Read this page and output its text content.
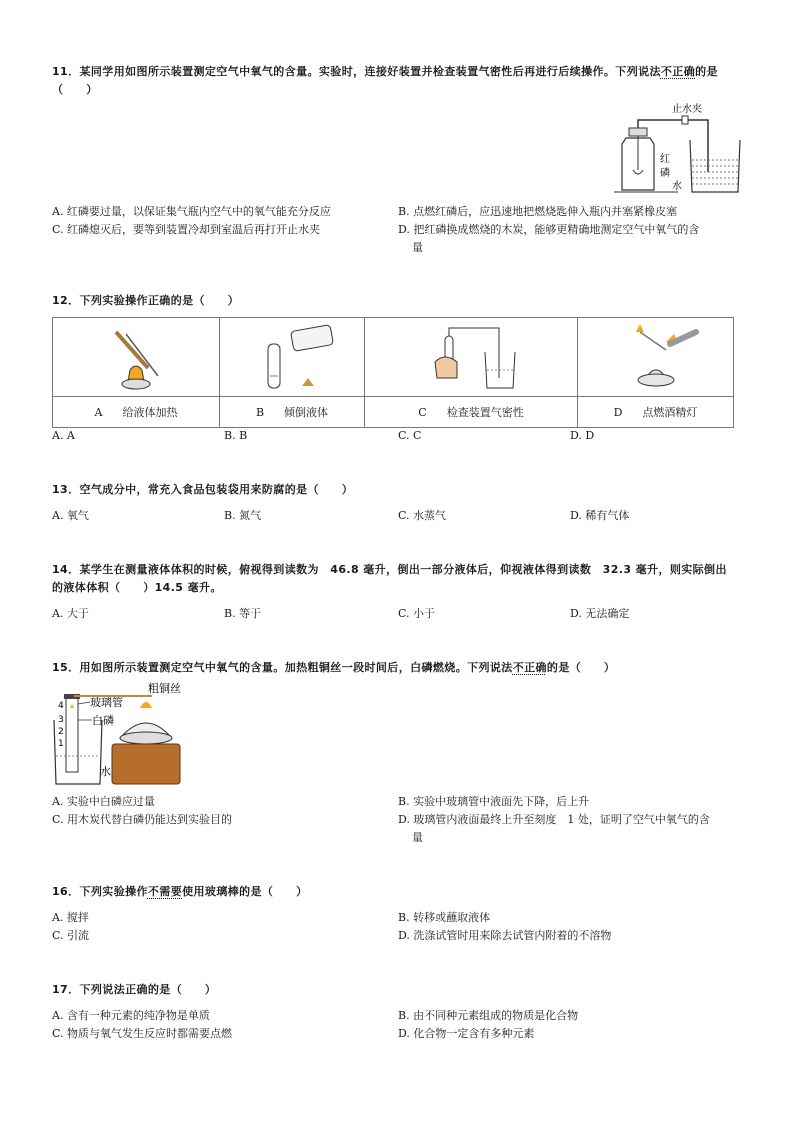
11．某同学用如图所示装置测定空气中氧气的含量。实验时，连接好装置并检查装置气密性后再进行后续操作。下列说法不正确的是（　　）
止水夹
红
磷
水
A. 红磷要过量，以保证集气瓶内空气中的氧气能充分反应	B. 点燃红磷后，应迅速地把燃烧匙伸入瓶内并塞紧橡皮塞
C. 红磷熄灭后，要等到装置冷却到室温后再打开止水夹	D. 把红磷换成燃烧的木炭，能够更精确地测定空气中氧气的含
量
12．下列实验操作正确的是（　　）

A 给液体加热	B 倾倒液体	C 检查装置气密性	D 点燃酒精灯
A. A	B. B	C. C	D. D
13．空气成分中，常充入食品包装袋用来防腐的是（　　）
A. 氧气	B. 氮气	C. 水蒸气	D. 稀有气体
14．某学生在测量液体体积的时候，俯视得到读数为　46.8 毫升，倒出一部分液体后，仰视液体得到读数　32.3 毫升，则实际倒出
的液体体积（　　）14.5 毫升。
A. 大于	B. 等于	C. 小于	D. 无法确定
15．用如图所示装置测定空气中氧气的含量。加热粗铜丝一段时间后，白磷燃烧。下列说法不正确的是（　　）
4
3
2
1
玻璃管
白磷
粗铜丝
水
A. 实验中白磷应过量	B. 实验中玻璃管中液面先下降，后上升
C. 用木炭代替白磷仍能达到实验目的	D. 玻璃管内液面最终上升至刻度　1 处，证明了空气中氧气的含
量
16．下列实验操作不需要使用玻璃棒的是（　　）
A. 搅拌	B. 转移或蘸取液体
C. 引流	D. 洗涤试管时用来除去试管内附着的不溶物
17．下列说法正确的是（　　）
A. 含有一种元素的纯净物是单质	B. 由不同种元素组成的物质是化合物
C. 物质与氧气发生反应时都需要点燃	D. 化合物一定含有多种元素
